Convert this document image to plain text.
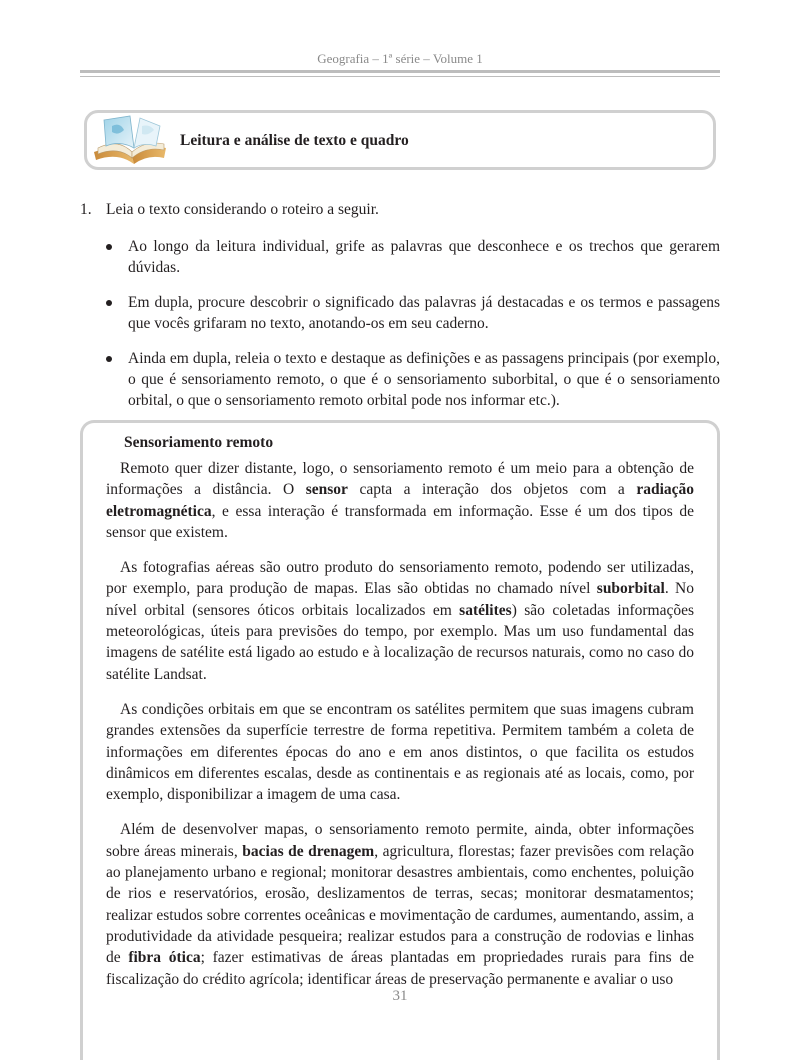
Geografia – 1ª série – Volume 1
Leitura e análise de texto e quadro
1. Leia o texto considerando o roteiro a seguir.
Ao longo da leitura individual, grife as palavras que desconhece e os trechos que gerarem dúvidas.
Em dupla, procure descobrir o significado das palavras já destacadas e os termos e passagens que vocês grifaram no texto, anotando-os em seu caderno.
Ainda em dupla, releia o texto e destaque as definições e as passagens principais (por exemplo, o que é sensoriamento remoto, o que é o sensoriamento suborbital, o que é o sensoriamento orbital, o que o sensoriamento remoto orbital pode nos informar etc.).
Sensoriamento remoto

Remoto quer dizer distante, logo, o sensoriamento remoto é um meio para a obtenção de informações a distância. O sensor capta a interação dos objetos com a radiação eletromagnética, e essa interação é transformada em informação. Esse é um dos tipos de sensor que existem.

As fotografias aéreas são outro produto do sensoriamento remoto, podendo ser utilizadas, por exemplo, para produção de mapas. Elas são obtidas no chamado nível suborbital. No nível orbital (sensores óticos orbitais localizados em satélites) são coletadas informações meteorológicas, úteis para previsões do tempo, por exemplo. Mas um uso fundamental das imagens de satélite está ligado ao estudo e à localização de recursos naturais, como no caso do satélite Landsat.

As condições orbitais em que se encontram os satélites permitem que suas imagens cubram grandes extensões da superfície terrestre de forma repetitiva. Permitem também a coleta de informações em diferentes épocas do ano e em anos distintos, o que facilita os estudos dinâmicos em diferentes escalas, desde as continentais e as regionais até as locais, como, por exemplo, disponibilizar a imagem de uma casa.

Além de desenvolver mapas, o sensoriamento remoto permite, ainda, obter informações sobre áreas minerais, bacias de drenagem, agricultura, florestas; fazer previsões com relação ao planejamento urbano e regional; monitorar desastres ambientais, como enchentes, poluição de rios e reservatórios, erosão, deslizamentos de terras, secas; monitorar desmatamentos; realizar estudos sobre correntes oceânicas e movimentação de cardumes, aumentando, assim, a produtividade da atividade pesqueira; realizar estudos para a construção de rodovias e linhas de fibra ótica; fazer estimativas de áreas plantadas em propriedades rurais para fins de fiscalização do crédito agrícola; identificar áreas de preservação permanente e avaliar o uso

31
